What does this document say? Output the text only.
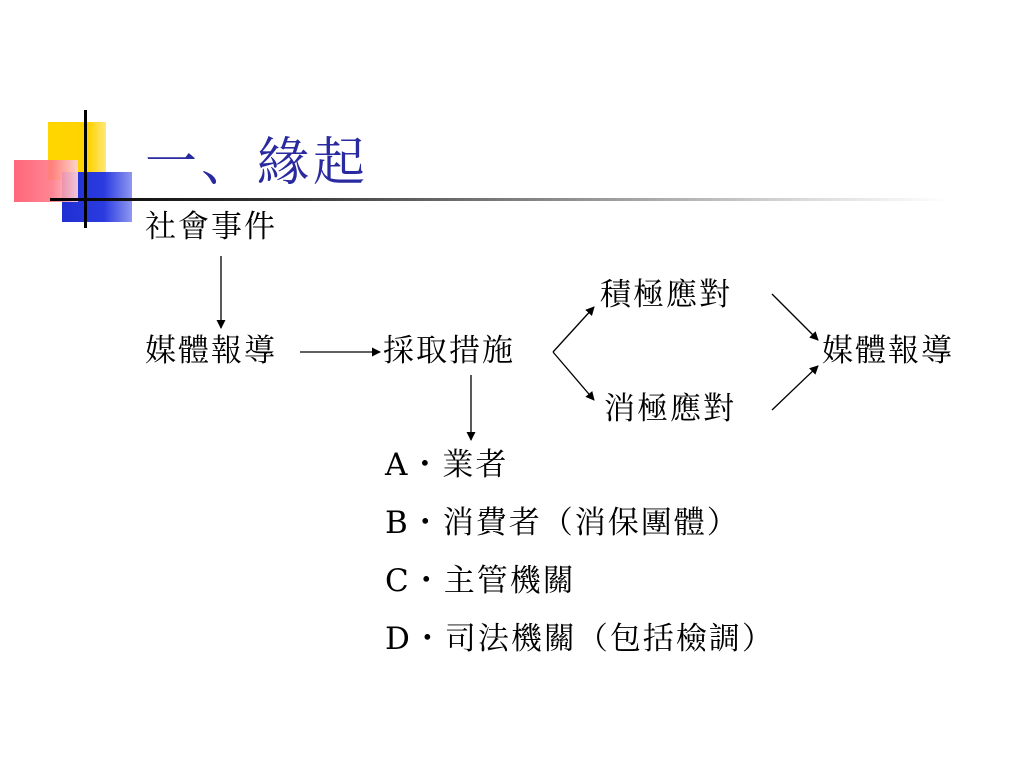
一、緣起
社會事件
媒體報導	採取措施
積極應對
消極應對
媒體報導
A・業者
B・消費者（消保團體）
C・主管機關
D・司法機關（包括檢調）
